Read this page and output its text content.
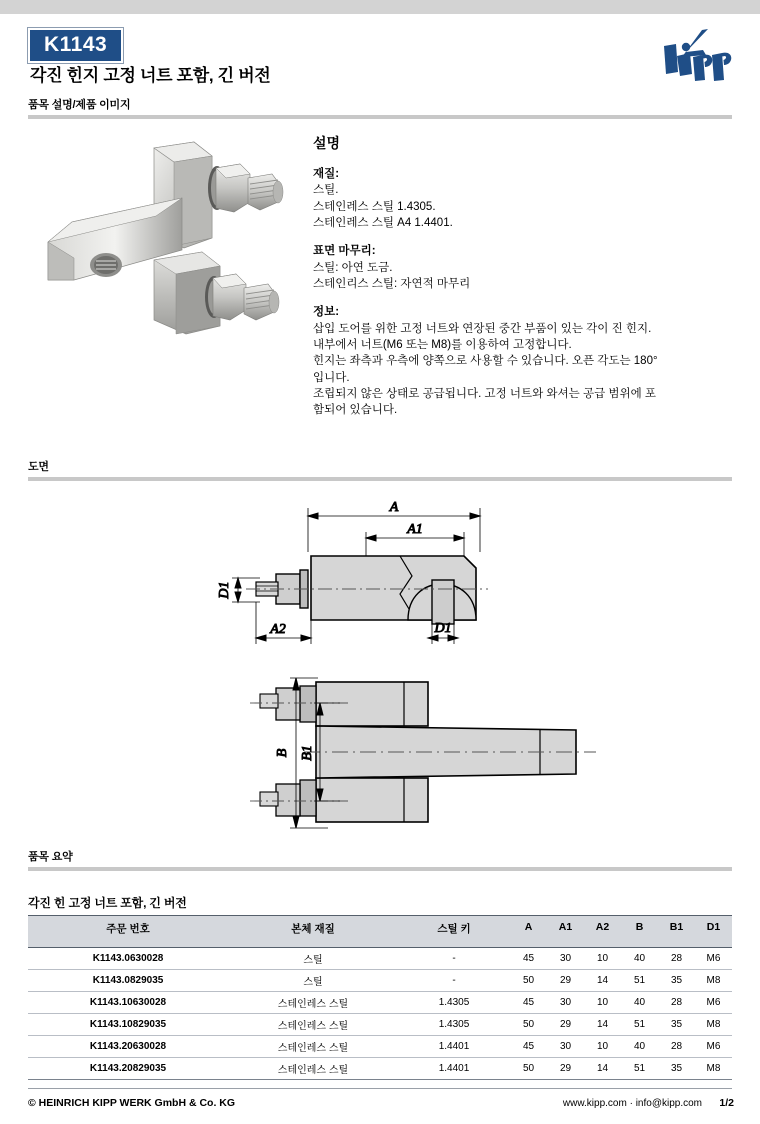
K1143
각진 힌지 고정 너트 포함, 긴 버전
품목 설명/제품 이미지
설명
재질:
스틸.
스테인레스 스틸 1.4305.
스테인레스 스틸 A4 1.4401.
표면 마무리:
스틸: 아연 도금.
스테인리스 스틸: 자연적 마무리
정보:
삽입 도어를 위한 고정 너트와 연장된 중간 부품이 있는 각이 진 힌지.
내부에서 너트(M6 또는 M8)를 이용하여 고정합니다.
힌지는 좌측과 우측에 양쪽으로 사용할 수 있습니다. 오픈 각도는 180°
입니다.
조립되지 않은 상태로 공급됩니다. 고정 너트와 와셔는 공급 범위에 포
함되어 있습니다.
도면
A
A1
A2
D1
D1
B B1
품목 요약
각진 힌 고정 너트 포함, 긴 버전
주문 번호	본체 재질	스틸 키	A	A1	A2	B	B1	D1
K1143.0630028	스틸	-	45	30	10	40	28	M6
K1143.0829035	스틸	-	50	29	14	51	35	M8
K1143.10630028	스테인레스 스틸	1.4305	45	30	10	40	28	M6
K1143.10829035	스테인레스 스틸	1.4305	50	29	14	51	35	M8
K1143.20630028	스테인레스 스틸	1.4401	45	30	10	40	28	M6
K1143.20829035	스테인레스 스틸	1.4401	50	29	14	51	35	M8
© HEINRICH KIPP WERK GmbH & Co. KG	www.kipp.com · info@kipp.com 1/2
